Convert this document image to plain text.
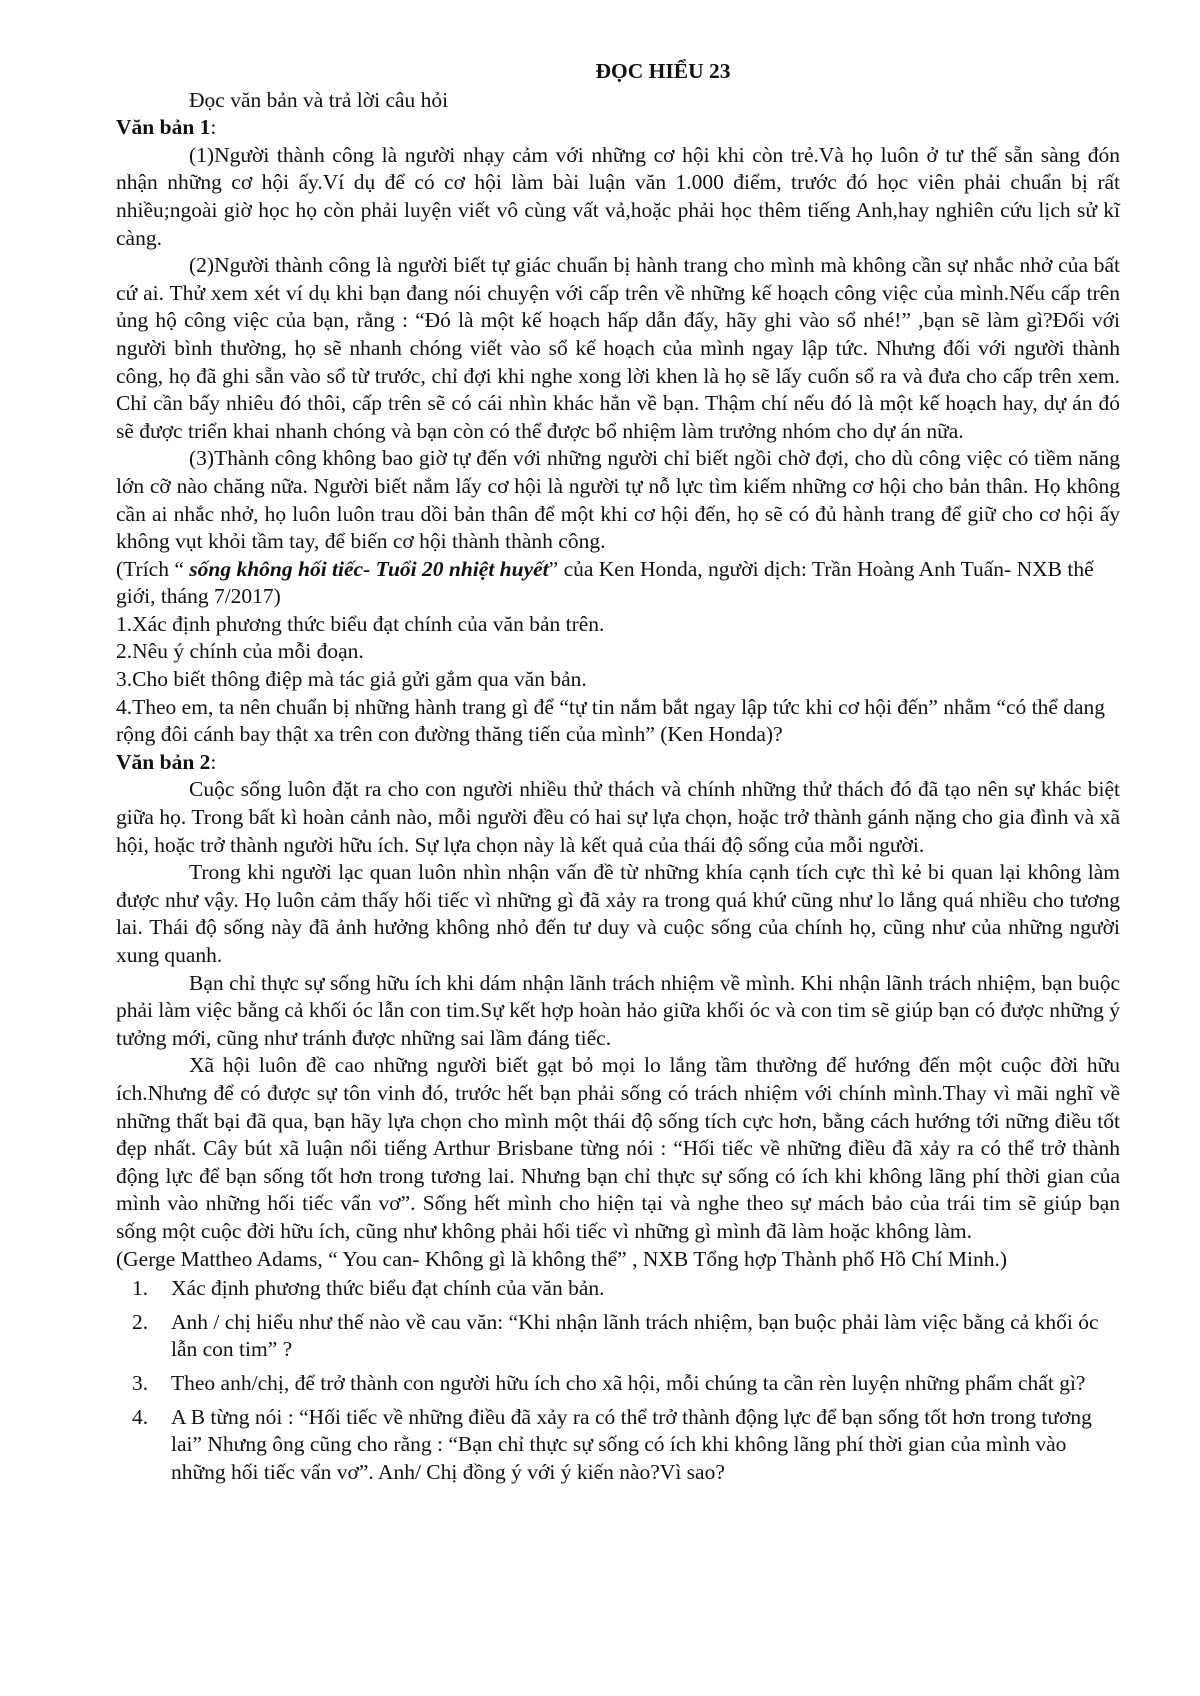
ĐỌC HIỂU 23

Đọc văn bản và trả lời câu hỏi

Văn bản 1:

(1)Người thành công là người nhạy cảm với những cơ hội khi còn trẻ.Và họ luôn ở tư thế sẵn sàng đón nhận những cơ hội ấy.Ví dụ để có cơ hội làm bài luận văn 1.000 điểm, trước đó học viên phải chuẩn bị rất nhiều;ngoài giờ học họ còn phải luyện viết vô cùng vất vả,hoặc phải học thêm tiếng Anh,hay nghiên cứu lịch sử kĩ càng.

(2)Người thành công là người biết tự giác chuẩn bị hành trang cho mình mà không cần sự nhắc nhở của bất cứ ai. Thử xem xét ví dụ khi bạn đang nói chuyện với cấp trên về những kế hoạch công việc của mình.Nếu cấp trên ủng hộ công việc của bạn, rằng : “Đó là một kế hoạch hấp dẫn đấy, hãy ghi vào sổ nhé!” ,bạn sẽ làm gì?Đối với người bình thường, họ sẽ nhanh chóng viết vào sổ kế hoạch của mình ngay lập tức. Nhưng đối với người thành công, họ đã ghi sẵn vào sổ từ trước, chỉ đợi khi nghe xong lời khen là họ sẽ lấy cuốn sổ ra và đưa cho cấp trên xem. Chỉ cần bấy nhiêu đó thôi, cấp trên sẽ có cái nhìn khác hẳn về bạn. Thậm chí nếu đó là một kế hoạch hay, dự án đó sẽ được triển khai nhanh chóng và bạn còn có thể được bổ nhiệm làm trưởng nhóm cho dự án nữa.

(3)Thành công không bao giờ tự đến với những người chỉ biết ngồi chờ đợi, cho dù công việc có tiềm năng lớn cỡ nào chăng nữa. Người biết nắm lấy cơ hội là người tự nỗ lực tìm kiếm những cơ hội cho bản thân. Họ không cần ai nhắc nhở, họ luôn luôn trau dồi bản thân để một khi cơ hội đến, họ sẽ có đủ hành trang để giữ cho cơ hội ấy không vụt khỏi tầm tay, để biến cơ hội thành thành công.

(Trích “ sống không hối tiếc- Tuổi 20 nhiệt huyết” của Ken Honda, người dịch: Trần Hoàng Anh Tuấn- NXB thế giới, tháng 7/2017)

1.Xác định phương thức biểu đạt chính của văn bản trên.

2.Nêu ý chính của mỗi đoạn.

3.Cho biết thông điệp mà tác giả gửi gắm qua văn bản.

4.Theo em, ta nên chuẩn bị những hành trang gì để “tự tin nắm bắt ngay lập tức khi cơ hội đến” nhằm “có thể dang rộng đôi cánh bay thật xa trên con đường thăng tiến của mình” (Ken Honda)?

Văn bản 2:

Cuộc sống luôn đặt ra cho con người nhiều thử thách và chính những thử thách đó đã tạo nên sự khác biệt giữa họ. Trong bất kì hoàn cảnh nào, mỗi người đều có hai sự lựa chọn, hoặc trở thành gánh nặng cho gia đình và xã hội, hoặc trở thành người hữu ích. Sự lựa chọn này là kết quả của thái độ sống của mỗi người.

Trong khi người lạc quan luôn nhìn nhận vấn đề từ những khía cạnh tích cực thì kẻ bi quan lại không làm được như vậy. Họ luôn cảm thấy hối tiếc vì những gì đã xảy ra trong quá khứ cũng như lo lắng quá nhiều cho tương lai. Thái độ sống này đã ảnh hưởng không nhỏ đến tư duy và cuộc sống của chính họ, cũng như của những người xung quanh.

Bạn chỉ thực sự sống hữu ích khi dám nhận lãnh trách nhiệm về mình. Khi nhận lãnh trách nhiệm, bạn buộc phải làm việc bằng cả khối óc lẫn con tim.Sự kết hợp hoàn hảo giữa khối óc và con tim sẽ giúp bạn có được những ý tưởng mới, cũng như tránh được những sai lầm đáng tiếc.

Xã hội luôn đề cao những người biết gạt bỏ mọi lo lắng tầm thường để hướng đến một cuộc đời hữu ích.Nhưng để có được sự tôn vinh đó, trước hết bạn phải sống có trách nhiệm với chính mình.Thay vì mãi nghĩ về những thất bại đã qua, bạn hãy lựa chọn cho mình một thái độ sống tích cực hơn, bằng cách hướng tới nững điều tốt đẹp nhất. Cây bút xã luận nổi tiếng Arthur Brisbane từng nói : “Hối tiếc về những điều đã xảy ra có thể trở thành động lực để bạn sống tốt hơn trong tương lai. Nhưng bạn chỉ thực sự sống có ích khi không lãng phí thời gian của mình vào những hối tiếc vẩn vơ”. Sống hết mình cho hiện tại và nghe theo sự mách bảo của trái tim sẽ giúp bạn sống một cuộc đời hữu ích, cũng như không phải hối tiếc vì những gì mình đã làm hoặc không làm.

(Gerge Mattheo Adams, “ You can- Không gì là không thể” , NXB Tổng hợp Thành phố Hồ Chí Minh.)

1. Xác định phương thức biểu đạt chính của văn bản.
2. Anh / chị hiểu như thế nào về cau văn: “Khi nhận lãnh trách nhiệm, bạn buộc phải làm việc bằng cả khối óc lẫn con tim” ?
3. Theo anh/chị, để trở thành con người hữu ích cho xã hội, mỗi chúng ta cần rèn luyện những phẩm chất gì?
4. A B từng nói : “Hối tiếc về những điều đã xảy ra có thể trở thành động lực để bạn sống tốt hơn trong tương lai” Nhưng ông cũng cho rằng : “Bạn chỉ thực sự sống có ích khi không lãng phí thời gian của mình vào những hối tiếc vẩn vơ”. Anh/ Chị đồng ý với ý kiến nào?Vì sao?
